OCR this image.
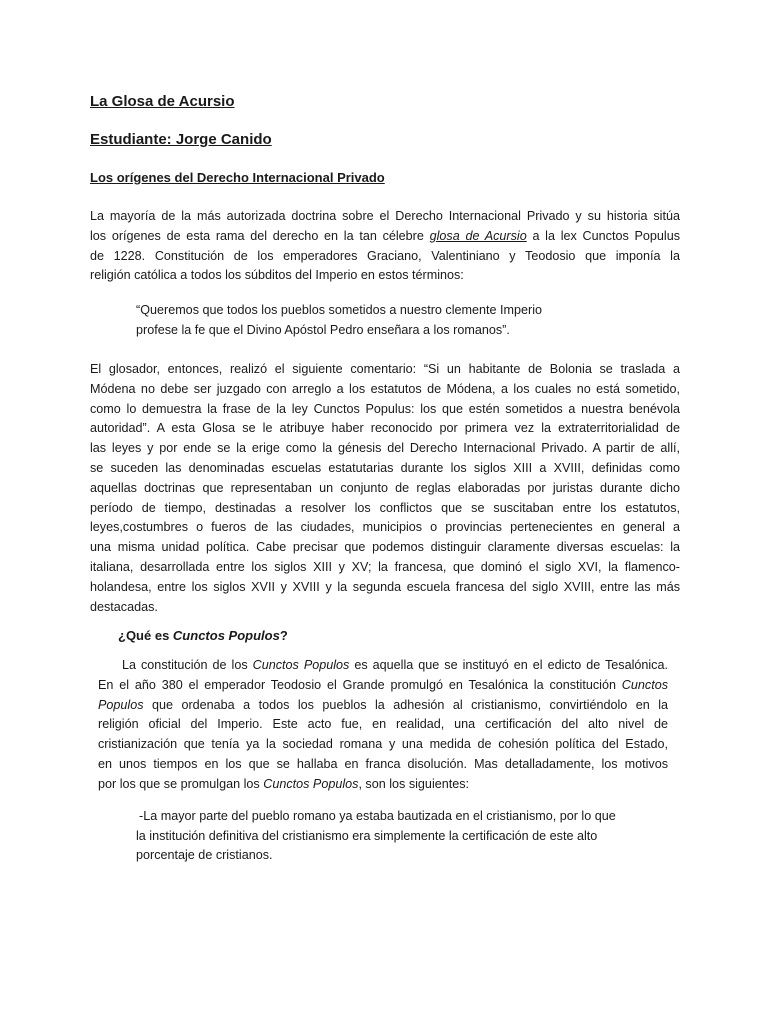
La Glosa de Acursio
Estudiante: Jorge Canido
Los orígenes del Derecho Internacional Privado

La mayoría de la más autorizada doctrina sobre el Derecho Internacional Privado y su historia sitúa
los orígenes de esta rama del derecho en la tan célebre glosa de Acursio a la lex Cunctos Populus
de 1228. Constitución de los emperadores Graciano, Valentiniano y Teodosio que imponía la
religión católica a todos los súbditos del Imperio en estos términos:

“Queremos que todos los pueblos sometidos a nuestro clemente Imperio
profese la fe que el Divino Apóstol Pedro enseñara a los romanos”.

El glosador, entonces, realizó el siguiente comentario: “Si un habitante de Bolonia se traslada a
Módena no debe ser juzgado con arreglo a los estatutos de Módena, a los cuales no está sometido,
como lo demuestra la frase de la ley Cunctos Populus: los que estén sometidos a nuestra benévola
autoridad”. A esta Glosa se le atribuye haber reconocido por primera vez la extraterritorialidad de
las leyes y por ende se la erige como la génesis del Derecho Internacional Privado. A partir de allí,
se suceden las denominadas escuelas estatutarias durante los siglos XIII a XVIII, definidas como
aquellas doctrinas que representaban un conjunto de reglas elaboradas por juristas durante dicho
período de tiempo, destinadas a resolver los conflictos que se suscitaban entre los estatutos,
leyes,costumbres o fueros de las ciudades, municipios o provincias pertenecientes en general a
una misma unidad política. Cabe precisar que podemos distinguir claramente diversas escuelas: la
italiana, desarrollada entre los siglos XIII y XV; la francesa, que dominó el siglo XVI, la flamenco-
holandesa, entre los siglos XVII y XVIII y la segunda escuela francesa del siglo XVIII, entre las más
destacadas.

¿Qué es Cunctos Populos?

La constitución de los Cunctos Populos es aquella que se instituyó en el edicto de Tesalónica.
En el año 380 el emperador Teodosio el Grande promulgó en Tesalónica la constitución Cunctos
Populos que ordenaba a todos los pueblos la adhesión al cristianismo, convirtiéndolo en la
religión oficial del Imperio. Este acto fue, en realidad, una certificación del alto nivel de
cristianización que tenía ya la sociedad romana y una medida de cohesión política del Estado,
en unos tiempos en los que se hallaba en franca disolución. Mas detalladamente, los motivos
por los que se promulgan los Cunctos Populos, son los siguientes:

-La mayor parte del pueblo romano ya estaba bautizada en el cristianismo, por lo que
la institución definitiva del cristianismo era simplemente la certificación de este alto
porcentaje de cristianos.
